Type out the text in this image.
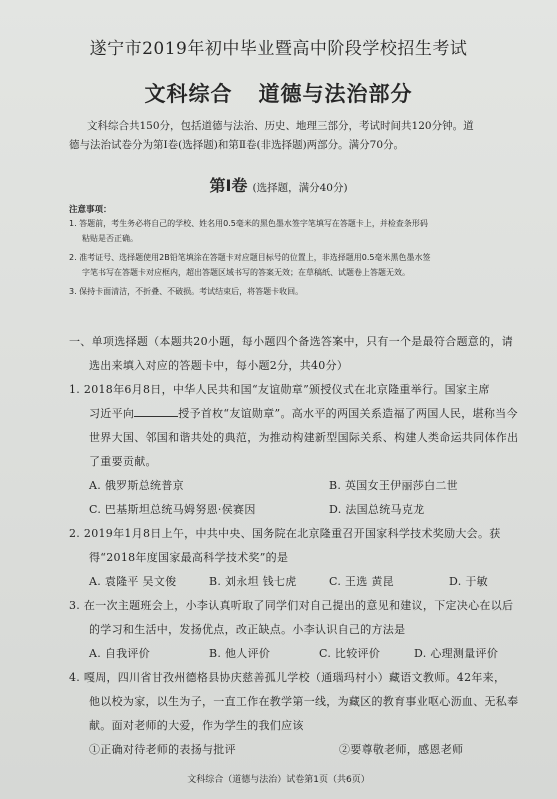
遂宁市2019年初中毕业暨高中阶段学校招生考试
文科综合 道德与法治部分
文科综合共150分，包括道德与法治、历史、地理三部分，考试时间共120分钟。道
德与法治试卷分为第Ⅰ卷(选择题)和第Ⅱ卷(非选择题)两部分。满分70分。
第Ⅰ卷 (选择题，满分40分)
注意事项：
1. 答题前，考生务必将自己的学校、姓名用0.5毫米的黑色墨水签字笔填写在答题卡上，并检查条形码
粘贴是否正确。
2. 准考证号、选择题使用2B铅笔填涂在答题卡对应题目标号的位置上，非选择题用0.5毫米黑色墨水签
字笔书写在答题卡对应框内，超出答题区域书写的答案无效；在草稿纸、试题卷上答题无效。
3. 保持卡面清洁，不折叠、不破损。考试结束后，将答题卡收回。
一、单项选择题（本题共20小题，每小题四个备选答案中，只有一个是最符合题意的，请
选出来填入对应的答题卡中，每小题2分，共40分）
1. 2018年6月8日，中华人民共和国“友谊勋章”颁授仪式在北京隆重举行。国家主席
习近平向	授予首枚“友谊勋章”。高水平的两国关系造福了两国人民，堪称当今
世界大国、邻国和谐共处的典范，为推动构建新型国际关系、构建人类命运共同体作出
了重要贡献。
A. 俄罗斯总统普京	B. 英国女王伊丽莎白二世
C. 巴基斯坦总统马姆努恩·侯赛因	D. 法国总统马克龙
2. 2019年1月8日上午，中共中央、国务院在北京隆重召开国家科学技术奖励大会。获
得“2018年度国家最高科学技术奖”的是
A. 袁隆平 吴文俊	B. 刘永坦 钱七虎	C. 王选 黄昆	D. 于敏
3. 在一次主题班会上，小李认真听取了同学们对自己提出的意见和建议，下定决心在以后
的学习和生活中，发扬优点，改正缺点。小李认识自己的方法是
A. 自我评价	B. 他人评价	C. 比较评价	D. 心理测量评价
4. 嘎周，四川省甘孜州德格县协庆慈善孤儿学校（通瑙玛村小）藏语文教师。42年来，
他以校为家，以生为子，一直工作在教学第一线，为藏区的教育事业呕心沥血、无私奉
献。面对老师的大爱，作为学生的我们应该
①正确对待老师的表扬与批评	②要尊敬老师，感恩老师
文科综合（道德与法治）试卷第1页（共6页）
